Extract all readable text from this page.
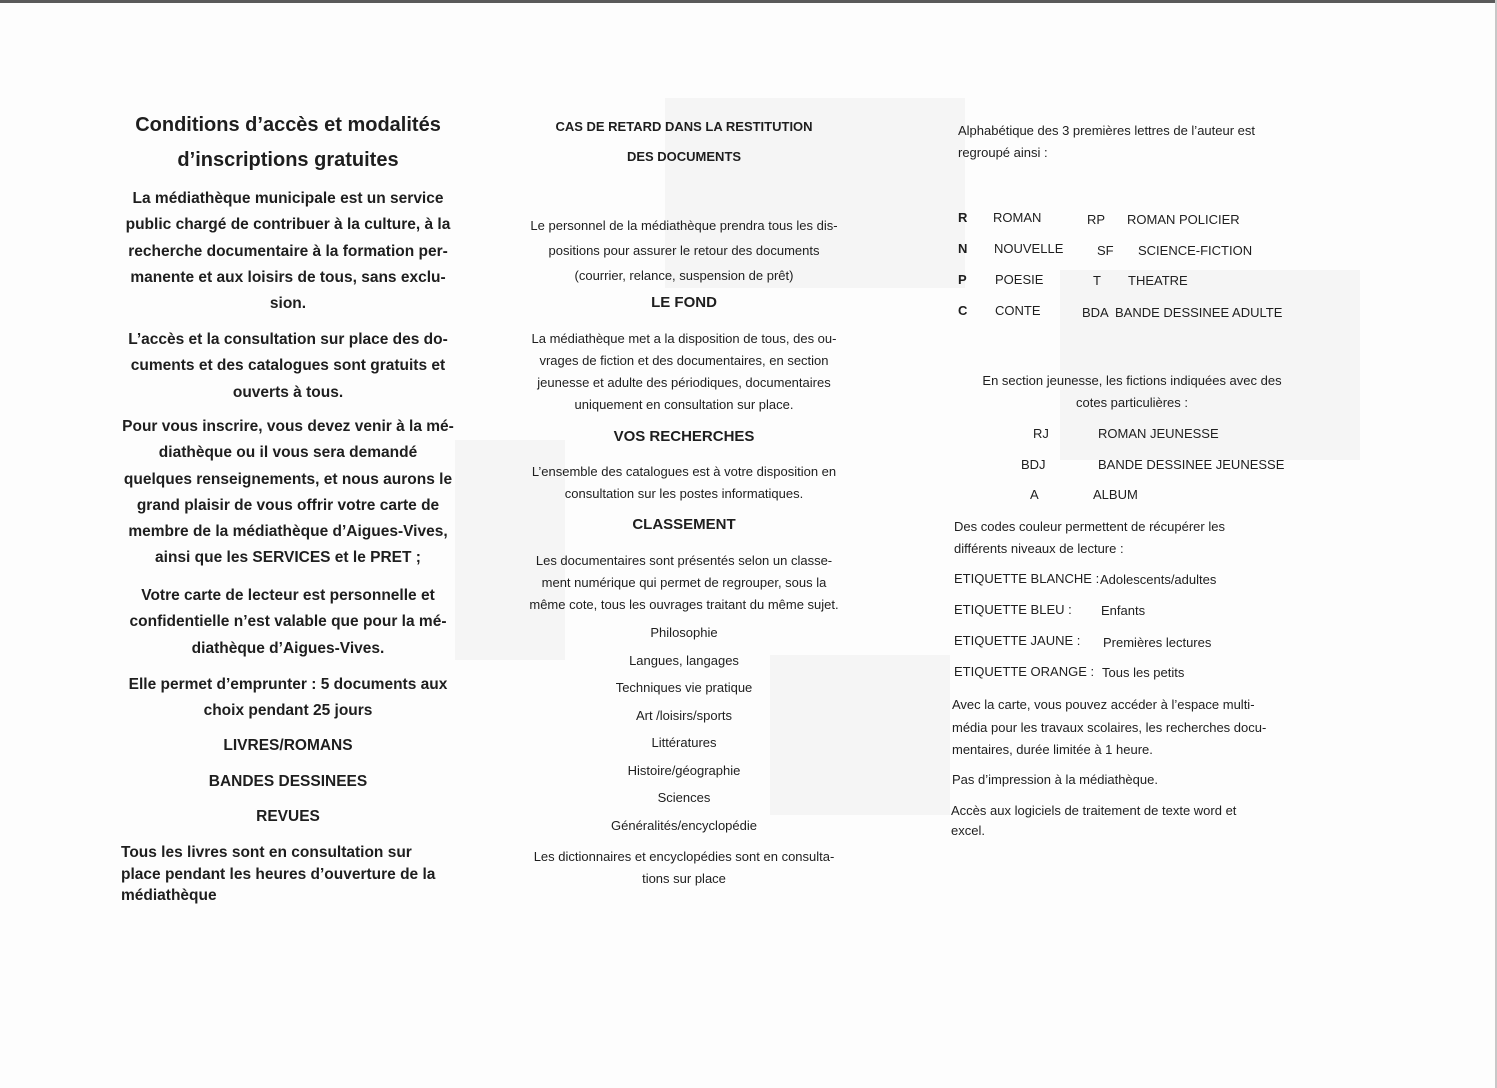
Conditions d’accès et modalités
d’inscriptions gratuites
La médiathèque municipale est un service
public chargé de contribuer à la culture, à la
recherche documentaire à la formation per-
manente et aux loisirs de tous, sans exclu-
sion.
L’accès et la consultation sur place des do-
cuments et des catalogues sont gratuits et
ouverts à tous.
Pour vous inscrire, vous devez venir à la mé-
diathèque ou il vous sera demandé
quelques renseignements, et nous aurons le
grand plaisir de vous offrir votre carte de
membre de la médiathèque d’Aigues-Vives,
ainsi que les SERVICES et le PRET ;
Votre carte de lecteur est personnelle et
confidentielle n’est valable que pour la mé-
diathèque d’Aigues-Vives.
Elle permet d’emprunter : 5 documents aux
choix pendant 25 jours
LIVRES/ROMANS
BANDES DESSINEES
REVUES
Tous les livres sont en consultation sur
place pendant les heures d’ouverture de la
médiathèque
CAS DE RETARD DANS LA RESTITUTION
DES DOCUMENTS
Le personnel de la médiathèque prendra tous les dis-
positions pour assurer le retour des documents
(courrier, relance, suspension de prêt)
LE FOND
La médiathèque met a la disposition de tous, des ou-
vrages de fiction et des documentaires, en section
jeunesse et adulte des périodiques, documentaires
uniquement en consultation sur place.
VOS RECHERCHES
L’ensemble des catalogues est à votre disposition en
consultation sur les postes informatiques.
CLASSEMENT
Les documentaires sont présentés selon un classe-
ment numérique qui permet de regrouper, sous la
même cote, tous les ouvrages traitant du même sujet.
Philosophie
Langues, langages
Techniques vie pratique
Art /loisirs/sports
Littératures
Histoire/géographie
Sciences
Généralités/encyclopédie
Les dictionnaires et encyclopédies sont en consulta-
tions sur place
Alphabétique des 3 premières lettres de l’auteur est
regroupé ainsi :
R ROMAN	RP ROMAN POLICIER
N NOUVELLE	SF SCIENCE-FICTION
P POESIE	T THEATRE
C CONTE	BDA BANDE DESSINEE ADULTE
En section jeunesse, les fictions indiquées avec des
cotes particulières :
RJ	ROMAN JEUNESSE
BDJ	BANDE DESSINEE JEUNESSE
A	ALBUM
Des codes couleur permettent de récupérer les
différents niveaux de lecture :
ETIQUETTE BLANCHE : Adolescents/adultes
ETIQUETTE BLEU : Enfants
ETIQUETTE JAUNE : Premières lectures
ETIQUETTE ORANGE : Tous les petits
Avec la carte, vous pouvez accéder à l’espace multi-
média pour les travaux scolaires, les recherches docu-
mentaires, durée limitée à 1 heure.
Pas d’impression à la médiathèque.
Accès aux logiciels de traitement de texte word et
excel.
